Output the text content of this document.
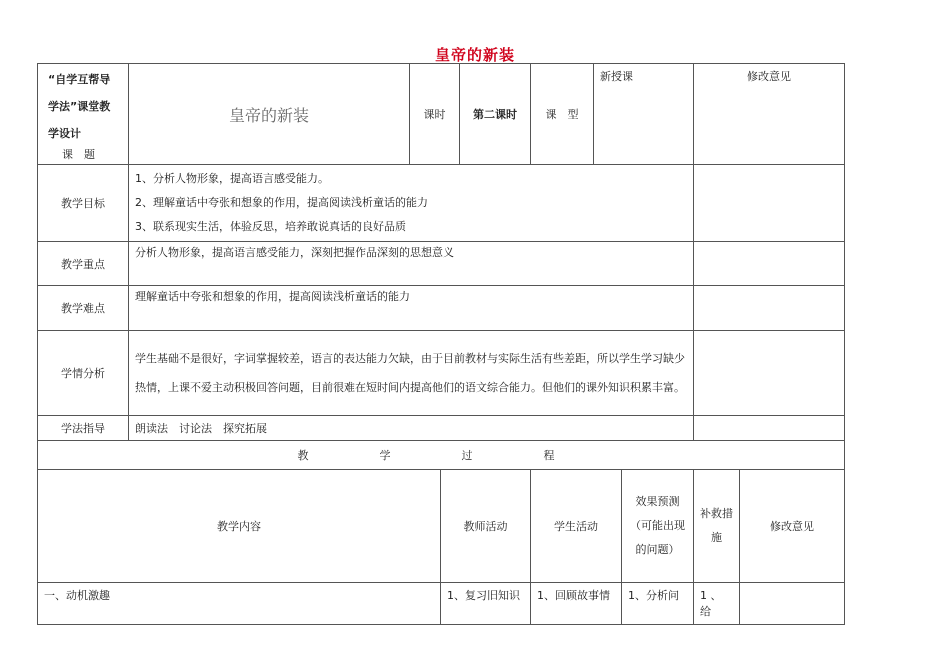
皇帝的新装
“自学互帮导
学法”课堂教
学设计
课　题	皇帝的新装	课时	第二课时	课　型	新授课	修改意见
教学目标	1、分析人物形象，提高语言感受能力。
2、理解童话中夸张和想象的作用，提高阅读浅析童话的能力
3、联系现实生活，体验反思，培养敢说真话的良好品质					

教学重点	分析人物形象，提高语言感受能力，深刻把握作品深刻的思想意义					
教学难点	理解童话中夸张和想象的作用，提高阅读浅析童话的能力					
学情分析	学生基础不是很好，字词掌握较差，语言的表达能力欠缺，由于目前教材与实际生活有些差距，所以学生学习缺少热情，上课不爱主动积极回答问题，目前很难在短时间内提高他们的语文综合能力。但他们的课外知识积累丰富。					
学法指导	朗读法　讨论法　探究拓展					
教　学　过　程						
教学内容	教师活动	学生活动	效果预测（可能出现的问题）	补救措施	修改意见
一、动机激趣	1、复习旧知识	1、回顾故事情	1、分析问	1 、 给	
